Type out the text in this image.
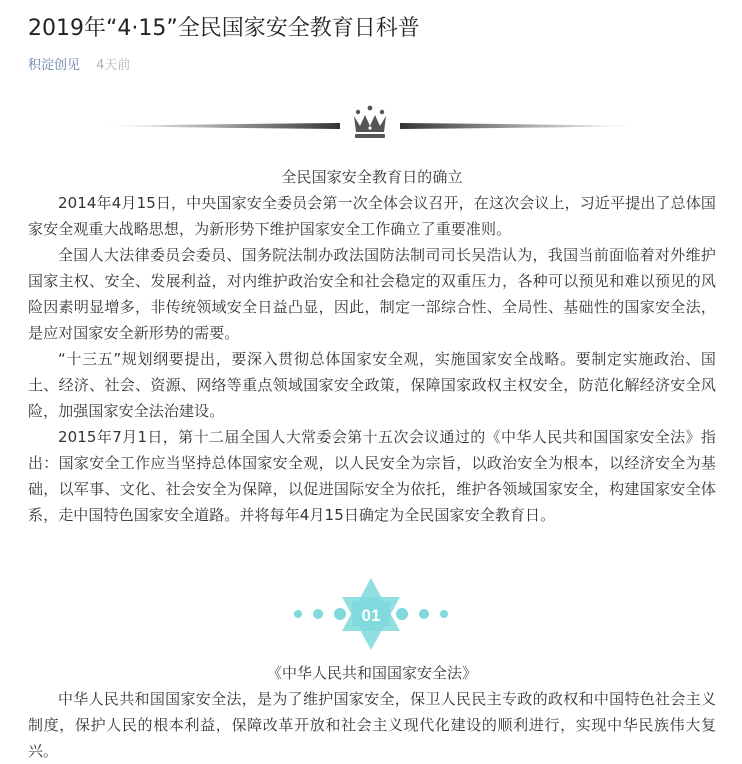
2019年“4·15”全民国家安全教育日科普
积淀创见 4天前

全民国家安全教育日的确立

2014年4月15日，中央国家安全委员会第一次全体会议召开，在这次会议上，习近平提出了总体国家安全观重大战略思想，为新形势下维护国家安全工作确立了重要准则。

全国人大法律委员会委员、国务院法制办政法国防法制司司长吴浩认为，我国当前面临着对外维护国家主权、安全、发展利益，对内维护政治安全和社会稳定的双重压力，各种可以预见和难以预见的风险因素明显增多，非传统领域安全日益凸显，因此，制定一部综合性、全局性、基础性的国家安全法，是应对国家安全新形势的需要。

“十三五”规划纲要提出，要深入贯彻总体国家安全观，实施国家安全战略。要制定实施政治、国土、经济、社会、资源、网络等重点领域国家安全政策，保障国家政权主权安全，防范化解经济安全风险，加强国家安全法治建设。

2015年7月1日，第十二届全国人大常委会第十五次会议通过的《中华人民共和国国家安全法》指出：国家安全工作应当坚持总体国家安全观，以人民安全为宗旨，以政治安全为根本，以经济安全为基础，以军事、文化、社会安全为保障，以促进国际安全为依托，维护各领域国家安全，构建国家安全体系，走中国特色国家安全道路。并将每年4月15日确定为全民国家安全教育日。

01

《中华人民共和国国家安全法》

中华人民共和国国家安全法，是为了维护国家安全，保卫人民民主专政的政权和中国特色社会主义制度，保护人民的根本利益，保障改革开放和社会主义现代化建设的顺利进行，实现中华民族伟大复兴。
